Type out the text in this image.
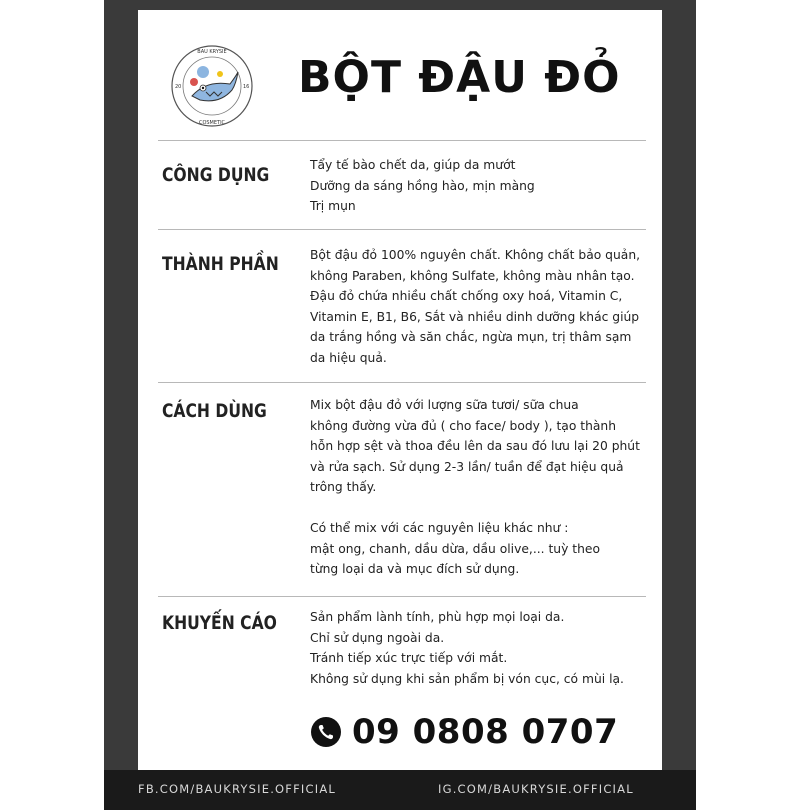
BAU KRYSIE
COSMETIC
20	16 BỘT ĐẬU ĐỎ
CÔNG DỤNG	Tẩy tế bào chết da, giúp da mướt
Dưỡng da sáng hồng hào, mịn màng
Trị mụn
THÀNH PHẦN	Bột đậu đỏ 100% nguyên chất. Không chất bảo quản,
không Paraben, không Sulfate, không màu nhân tạo.
Đậu đỏ chứa nhiều chất chống oxy hoá, Vitamin C,
Vitamin E, B1, B6, Sắt và nhiều dinh dưỡng khác giúp
da trắng hồng và săn chắc, ngừa mụn, trị thâm sạm
da hiệu quả.
CÁCH DÙNG	Mix bột đậu đỏ với lượng sữa tươi/ sữa chua
không đường vừa đủ ( cho face/ body ), tạo thành
hỗn hợp sệt và thoa đều lên da sau đó lưu lại 20 phút
và rửa sạch. Sử dụng 2-3 lần/ tuần để đạt hiệu quả
trông thấy.
Có thể mix với các nguyên liệu khác như :
mật ong, chanh, dầu dừa, dầu olive,... tuỳ theo
từng loại da và mục đích sử dụng.
KHUYẾN CÁO	Sản phẩm lành tính, phù hợp mọi loại da.
Chỉ sử dụng ngoài da.
Tránh tiếp xúc trực tiếp với mắt.
Không sử dụng khi sản phẩm bị vón cục, có mùi lạ.
09 0808 0707
FB.COM/BAUKRYSIE.OFFICIAL	IG.COM/BAUKRYSIE.OFFICIAL
